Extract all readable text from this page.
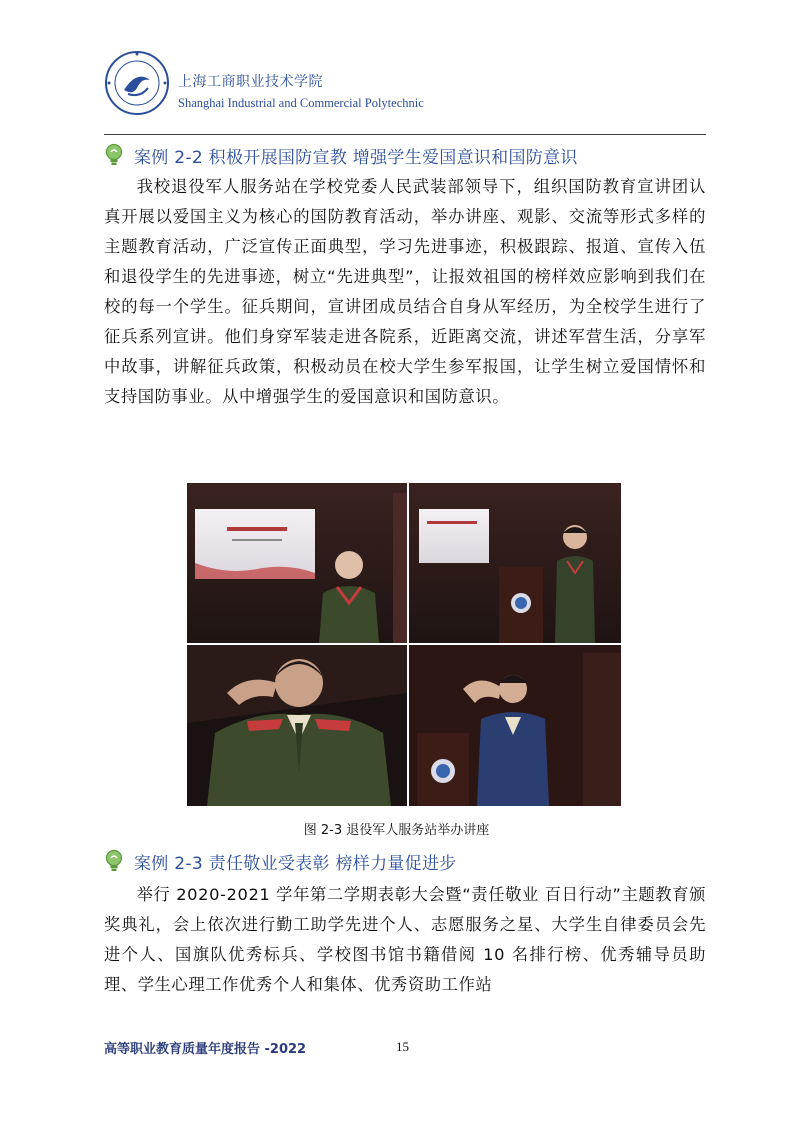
上海工商职业技术学院
Shanghai Industrial and Commercial Polytechnic
案例 2-2 积极开展国防宣教 增强学生爱国意识和国防意识

我校退役军人服务站在学校党委人民武装部领导下，组织国防教育宣讲团认真开展以爱国主义为核心的国防教育活动，举办讲座、观影、交流等形式多样的主题教育活动，广泛宣传正面典型，学习先进事迹，积极跟踪、报道、宣传入伍和退役学生的先进事迹，树立“先进典型”，让报效祖国的榜样效应影响到我们在校的每一个学生。征兵期间，宣讲团成员结合自身从军经历，为全校学生进行了征兵系列宣讲。他们身穿军装走进各院系，近距离交流，讲述军营生活，分享军中故事，讲解征兵政策，积极动员在校大学生参军报国，让学生树立爱国情怀和支持国防事业。从中增强学生的爱国意识和国防意识。

图 2-3 退役军人服务站举办讲座
案例 2-3 责任敬业受表彰 榜样力量促进步

举行 2020-2021 学年第二学期表彰大会暨“责任敬业 百日行动”主题教育颁奖典礼，会上依次进行勤工助学先进个人、志愿服务之星、大学生自律委员会先进个人、国旗队优秀标兵、学校图书馆书籍借阅 10 名排行榜、优秀辅导员助理、学生心理工作优秀个人和集体、优秀资助工作站

高等职业教育质量年度报告 -2022	15
